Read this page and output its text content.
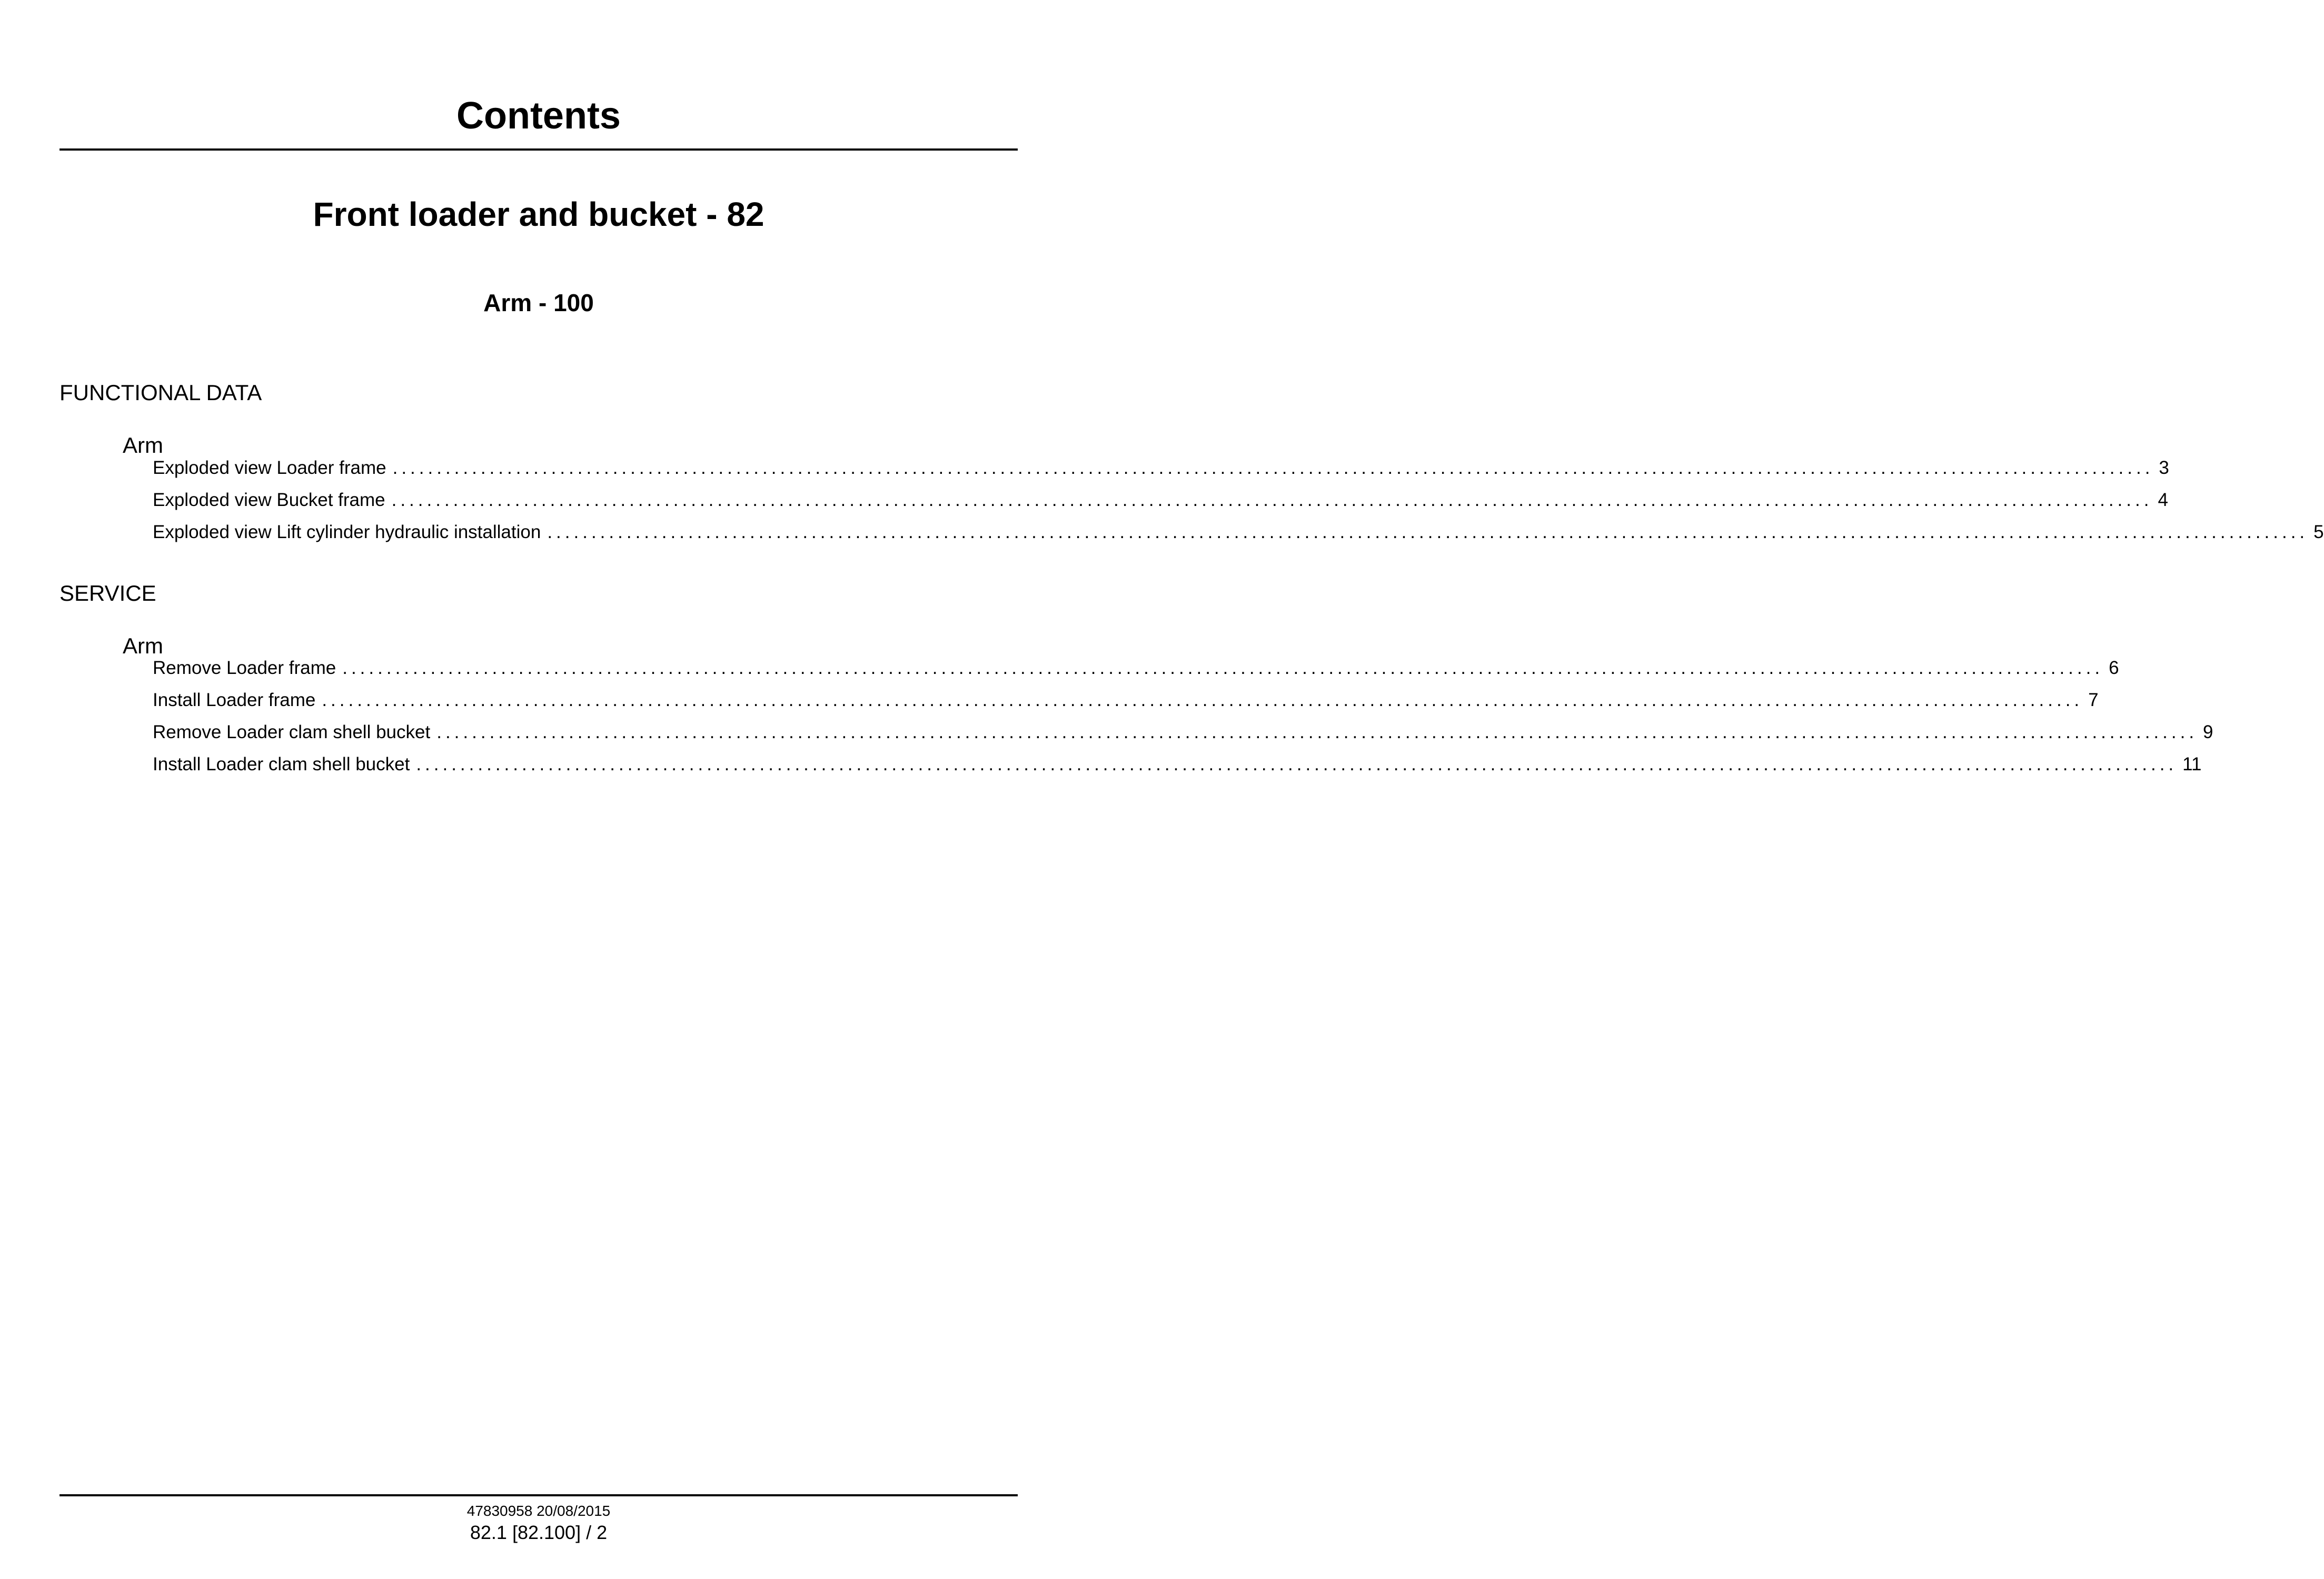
Contents
Front loader and bucket - 82
Arm - 100
FUNCTIONAL DATA
Arm
Exploded view Loader frame ........................................................................................................................................................................................................ 3
Exploded view Bucket frame ........................................................................................................................................................................................................ 4
Exploded view Lift cylinder hydraulic installation ........................................................................................................................................................................................................ 5
SERVICE
Arm
Remove Loader frame ........................................................................................................................................................................................................ 6
Install Loader frame ........................................................................................................................................................................................................ 7
Remove Loader clam shell bucket ........................................................................................................................................................................................................ 9
Install Loader clam shell bucket ........................................................................................................................................................................................................ 11
47830958 20/08/2015
82.1 [82.100] / 2
